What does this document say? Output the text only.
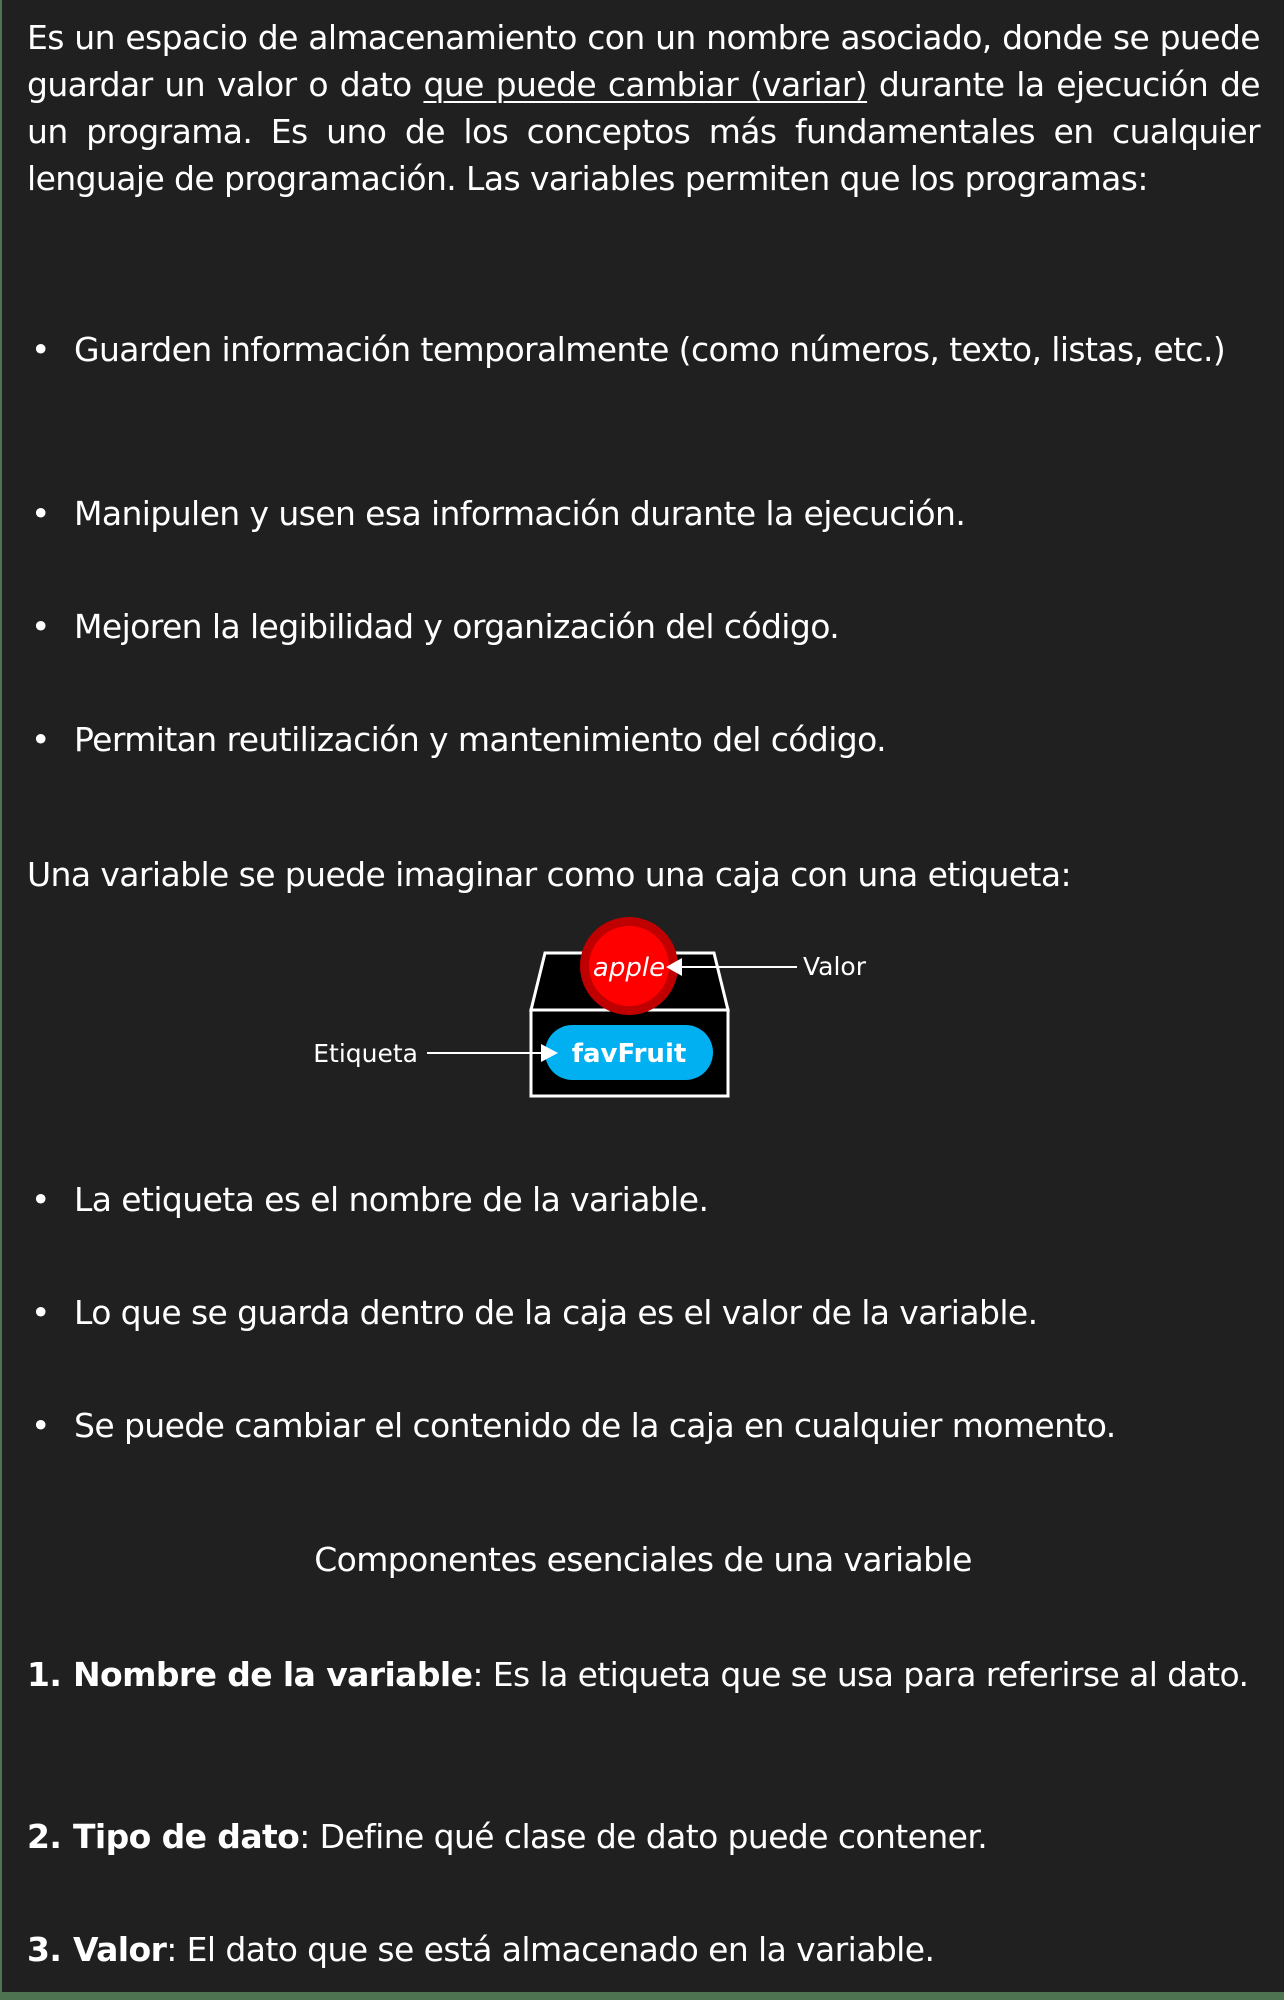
Es un espacio de almacenamiento con un nombre asociado, donde se puede guardar un valor o dato que puede cambiar (variar) durante la ejecución de un programa. Es uno de los conceptos más fundamentales en cualquier lenguaje de programación. Las variables permiten que los programas:
• Guarden información temporalmente (como números, texto, listas, etc.)
• Manipulen y usen esa información durante la ejecución.
• Mejoren la legibilidad y organización del código.
• Permitan reutilización y mantenimiento del código.
Una variable se puede imaginar como una caja con una etiqueta:
apple	Valor
favFruit
Etiqueta
• La etiqueta es el nombre de la variable.
• Lo que se guarda dentro de la caja es el valor de la variable.
• Se puede cambiar el contenido de la caja en cualquier momento.
Componentes esenciales de una variable
1. Nombre de la variable: Es la etiqueta que se usa para referirse al dato.
2. Tipo de dato: Define qué clase de dato puede contener.
3. Valor: El dato que se está almacenado en la variable.
